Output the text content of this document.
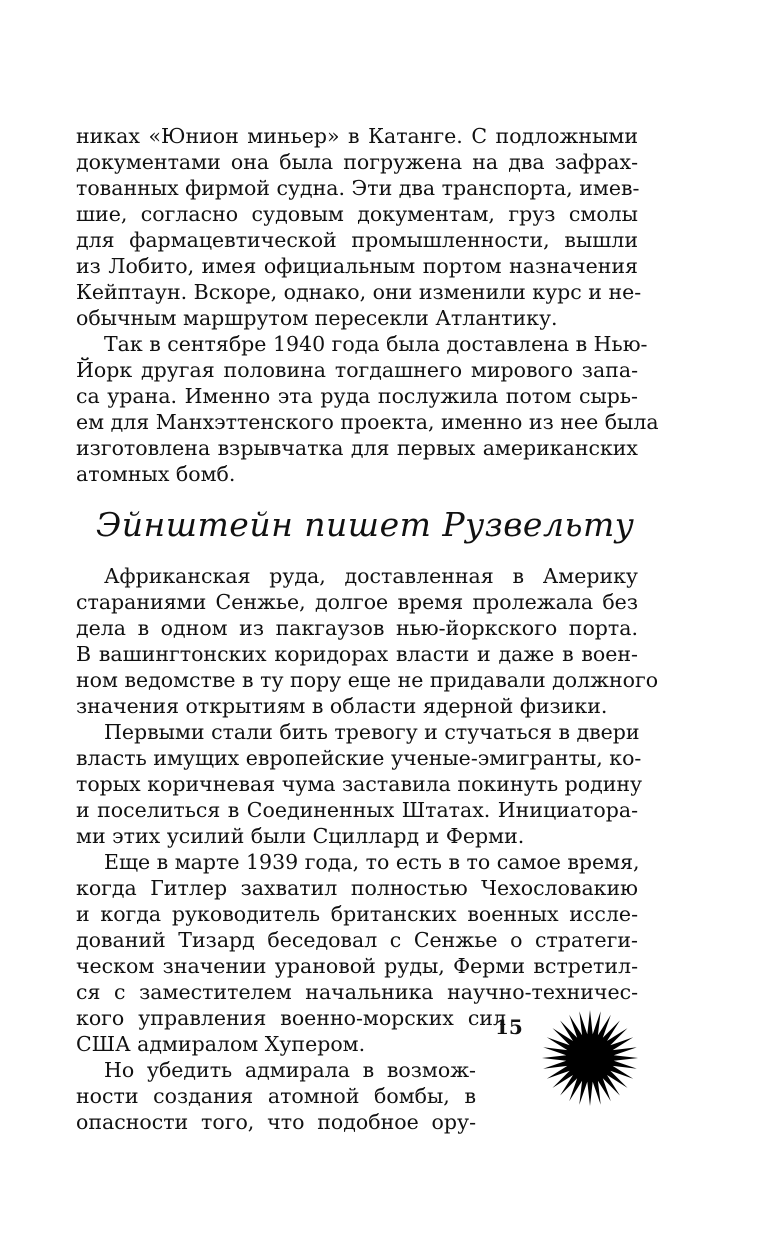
никах «Юнион миньер» в Катанге. С подложными
документами она была погружена на два зафрах-
тованных фирмой судна. Эти два транспорта, имев-
шие, согласно судовым документам, груз смолы
для фармацевтической промышленности, вышли
из Лобито, имея официальным портом назначения
Кейптаун. Вскоре, однако, они изменили курс и не-
обычным маршрутом пересекли Атлантику.
Так в сентябре 1940 года была доставлена в Нью-
Йорк другая половина тогдашнего мирового запа-
са урана. Именно эта руда послужила потом сырь-
ем для Манхэттенского проекта, именно из нее была
изготовлена взрывчатка для первых американских
атомных бомб.
Эйнштейн пишет Рузвельту
Африканская руда, доставленная в Америку
стараниями Сенжье, долгое время пролежала без
дела в одном из пакгаузов нью-йоркского порта.
В вашингтонских коридорах власти и даже в воен-
ном ведомстве в ту пору еще не придавали должного
значения открытиям в области ядерной физики.
Первыми стали бить тревогу и стучаться в двери
власть имущих европейские ученые-эмигранты, ко-
торых коричневая чума заставила покинуть родину
и поселиться в Соединенных Штатах. Инициатора-
ми этих усилий были Сциллард и Ферми.
Еще в марте 1939 года, то есть в то самое время,
когда Гитлер захватил полностью Чехословакию
и когда руководитель британских военных иссле-
дований Тизард беседовал с Сенжье о стратеги-
ческом значении урановой руды, Ферми встретил-
ся с заместителем начальника научно-техничес-
кого управления военно-морских сил
США адмиралом Хупером.
Но убедить адмирала в возмож-
ности создания атомной бомбы, в
опасности того, что подобное ору-
15
